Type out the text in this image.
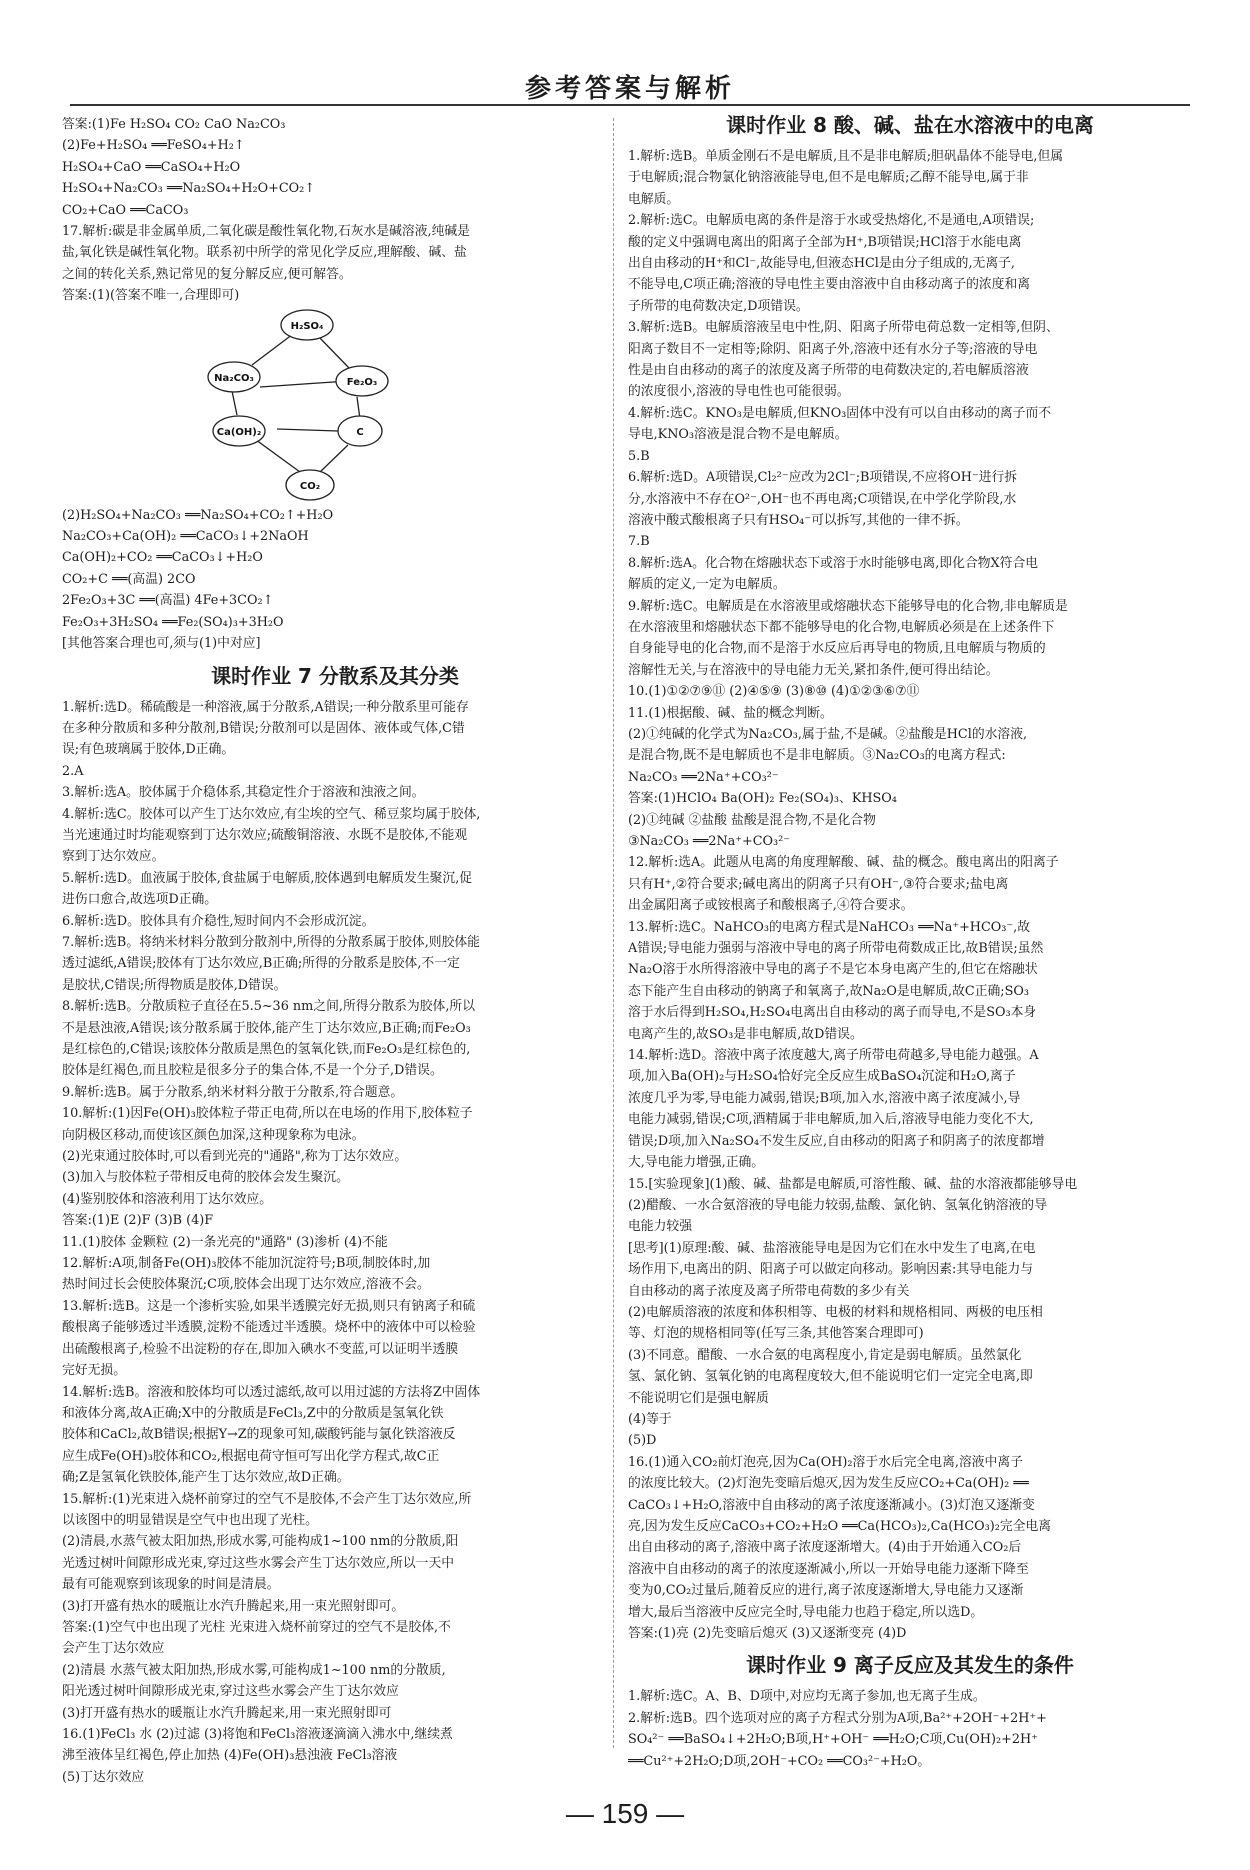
参考答案与解析
答案:(1)Fe H₂SO₄ CO₂ CaO Na₂CO₃
(2)Fe+H₂SO₄ ══FeSO₄+H₂↑
H₂SO₄+CaO ══CaSO₄+H₂O
H₂SO₄+Na₂CO₃ ══Na₂SO₄+H₂O+CO₂↑
CO₂+CaO ══CaCO₃
17.解析:碳是非金属单质,二氧化碳是酸性氧化物,石灰水是碱溶液,纯碱是
盐,氧化铁是碱性氧化物。联系初中所学的常见化学反应,理解酸、碱、盐
之间的转化关系,熟记常见的复分解反应,便可解答。
答案:(1)(答案不唯一,合理即可)
H₂SO₄
Na₂CO₃	Fe₂O₃
Ca(OH)₂	C
CO₂
(2)H₂SO₄+Na₂CO₃ ══Na₂SO₄+CO₂↑+H₂O
Na₂CO₃+Ca(OH)₂ ══CaCO₃↓+2NaOH
Ca(OH)₂+CO₂ ══CaCO₃↓+H₂O
CO₂+C ══(高温) 2CO
2Fe₂O₃+3C ══(高温) 4Fe+3CO₂↑
Fe₂O₃+3H₂SO₄ ══Fe₂(SO₄)₃+3H₂O
[其他答案合理也可,须与(1)中对应]
课时作业 7 分散系及其分类
1.解析:选D。稀硫酸是一种溶液,属于分散系,A错误;一种分散系里可能存
在多种分散质和多种分散剂,B错误;分散剂可以是固体、液体或气体,C错
误;有色玻璃属于胶体,D正确。
2.A
3.解析:选A。胶体属于介稳体系,其稳定性介于溶液和浊液之间。
4.解析:选C。胶体可以产生丁达尔效应,有尘埃的空气、稀豆浆均属于胶体,
当光速通过时均能观察到丁达尔效应;硫酸铜溶液、水既不是胶体,不能观
察到丁达尔效应。
5.解析:选D。血液属于胶体,食盐属于电解质,胶体遇到电解质发生聚沉,促
进伤口愈合,故选项D正确。
6.解析:选D。胶体具有介稳性,短时间内不会形成沉淀。
7.解析:选B。将纳米材料分散到分散剂中,所得的分散系属于胶体,则胶体能
透过滤纸,A错误;胶体有丁达尔效应,B正确;所得的分散系是胶体,不一定
是胶状,C错误;所得物质是胶体,D错误。
8.解析:选B。分散质粒子直径在5.5~36 nm之间,所得分散系为胶体,所以
不是悬浊液,A错误;该分散系属于胶体,能产生丁达尔效应,B正确;而Fe₂O₃
是红棕色的,C错误;该胶体分散质是黑色的氢氧化铁,而Fe₂O₃是红棕色的,
胶体是红褐色,而且胶粒是很多分子的集合体,不是一个分子,D错误。
9.解析:选B。属于分散系,纳米材料分散于分散系,符合题意。
10.解析:(1)因Fe(OH)₃胶体粒子带正电荷,所以在电场的作用下,胶体粒子
向阴极区移动,而使该区颜色加深,这种现象称为电泳。
(2)光束通过胶体时,可以看到光亮的"通路",称为丁达尔效应。
(3)加入与胶体粒子带相反电荷的胶体会发生聚沉。
(4)鉴别胶体和溶液利用丁达尔效应。
答案:(1)E (2)F (3)B (4)F
11.(1)胶体 金颗粒 (2)一条光亮的"通路" (3)渗析 (4)不能
12.解析:A项,制备Fe(OH)₃胶体不能加沉淀符号;B项,制胶体时,加
热时间过长会使胶体聚沉;C项,胶体会出现丁达尔效应,溶液不会。
13.解析:选B。这是一个渗析实验,如果半透膜完好无损,则只有钠离子和硫
酸根离子能够透过半透膜,淀粉不能透过半透膜。烧杯中的液体中可以检验
出硫酸根离子,检验不出淀粉的存在,即加入碘水不变蓝,可以证明半透膜
完好无损。
14.解析:选B。溶液和胶体均可以透过滤纸,故可以用过滤的方法将Z中固体
和液体分离,故A正确;X中的分散质是FeCl₃,Z中的分散质是氢氧化铁
胶体和CaCl₂,故B错误;根据Y→Z的现象可知,碳酸钙能与氯化铁溶液反
应生成Fe(OH)₃胶体和CO₂,根据电荷守恒可写出化学方程式,故C正
确;Z是氢氧化铁胶体,能产生丁达尔效应,故D正确。
15.解析:(1)光束进入烧杯前穿过的空气不是胶体,不会产生丁达尔效应,所
以该图中的明显错误是空气中也出现了光柱。
(2)清晨,水蒸气被太阳加热,形成水雾,可能构成1~100 nm的分散质,阳
光透过树叶间隙形成光束,穿过这些水雾会产生丁达尔效应,所以一天中
最有可能观察到该现象的时间是清晨。
(3)打开盛有热水的暖瓶让水汽升腾起来,用一束光照射即可。
答案:(1)空气中也出现了光柱 光束进入烧杯前穿过的空气不是胶体,不
会产生丁达尔效应
(2)清晨 水蒸气被太阳加热,形成水雾,可能构成1~100 nm的分散质,
阳光透过树叶间隙形成光束,穿过这些水雾会产生丁达尔效应
(3)打开盛有热水的暖瓶让水汽升腾起来,用一束光照射即可
16.(1)FeCl₃ 水 (2)过滤 (3)将饱和FeCl₃溶液逐滴滴入沸水中,继续煮
沸至液体呈红褐色,停止加热 (4)Fe(OH)₃悬浊液 FeCl₃溶液
(5)丁达尔效应
课时作业 8 酸、碱、盐在水溶液中的电离
1.解析:选B。单质金刚石不是电解质,且不是非电解质;胆矾晶体不能导电,但属
于电解质;混合物氯化钠溶液能导电,但不是电解质;乙醇不能导电,属于非
电解质。
2.解析:选C。电解质电离的条件是溶于水或受热熔化,不是通电,A项错误;
酸的定义中强调电离出的阳离子全部为H⁺,B项错误;HCl溶于水能电离
出自由移动的H⁺和Cl⁻,故能导电,但液态HCl是由分子组成的,无离子,
不能导电,C项正确;溶液的导电性主要由溶液中自由移动离子的浓度和离
子所带的电荷数决定,D项错误。
3.解析:选B。电解质溶液呈电中性,阴、阳离子所带电荷总数一定相等,但阴、
阳离子数目不一定相等;除阴、阳离子外,溶液中还有水分子等;溶液的导电
性是由自由移动的离子的浓度及离子所带的电荷数决定的,若电解质溶液
的浓度很小,溶液的导电性也可能很弱。
4.解析:选C。KNO₃是电解质,但KNO₃固体中没有可以自由移动的离子而不
导电,KNO₃溶液是混合物不是电解质。
5.B
6.解析:选D。A项错误,Cl₂²⁻应改为2Cl⁻;B项错误,不应将OH⁻进行拆
分,水溶液中不存在O²⁻,OH⁻也不再电离;C项错误,在中学化学阶段,水
溶液中酸式酸根离子只有HSO₄⁻可以拆写,其他的一律不拆。
7.B
8.解析:选A。化合物在熔融状态下或溶于水时能够电离,即化合物X符合电
解质的定义,一定为电解质。
9.解析:选C。电解质是在水溶液里或熔融状态下能够导电的化合物,非电解质是
在水溶液里和熔融状态下都不能够导电的化合物,电解质必须是在上述条件下
自身能导电的化合物,而不是溶于水反应后再导电的物质,且电解质与物质的
溶解性无关,与在溶液中的导电能力无关,紧扣条件,便可得出结论。
10.(1)①②⑦⑨⑪ (2)④⑤⑨ (3)⑧⑩ (4)①②③⑥⑦⑪
11.(1)根据酸、碱、盐的概念判断。
(2)①纯碱的化学式为Na₂CO₃,属于盐,不是碱。②盐酸是HCl的水溶液,
是混合物,既不是电解质也不是非电解质。③Na₂CO₃的电离方程式:
Na₂CO₃ ══2Na⁺+CO₃²⁻
答案:(1)HClO₄ Ba(OH)₂ Fe₂(SO₄)₃、KHSO₄
(2)①纯碱 ②盐酸 盐酸是混合物,不是化合物
③Na₂CO₃ ══2Na⁺+CO₃²⁻
12.解析:选A。此题从电离的角度理解酸、碱、盐的概念。酸电离出的阳离子
只有H⁺,②符合要求;碱电离出的阴离子只有OH⁻,③符合要求;盐电离
出金属阳离子或铵根离子和酸根离子,④符合要求。
13.解析:选C。NaHCO₃的电离方程式是NaHCO₃ ══Na⁺+HCO₃⁻,故
A错误;导电能力强弱与溶液中导电的离子所带电荷数成正比,故B错误;虽然
Na₂O溶于水所得溶液中导电的离子不是它本身电离产生的,但它在熔融状
态下能产生自由移动的钠离子和氧离子,故Na₂O是电解质,故C正确;SO₃
溶于水后得到H₂SO₄,H₂SO₄电离出自由移动的离子而导电,不是SO₃本身
电离产生的,故SO₃是非电解质,故D错误。
14.解析:选D。溶液中离子浓度越大,离子所带电荷越多,导电能力越强。A
项,加入Ba(OH)₂与H₂SO₄恰好完全反应生成BaSO₄沉淀和H₂O,离子
浓度几乎为零,导电能力减弱,错误;B项,加入水,溶液中离子浓度减小,导
电能力减弱,错误;C项,酒精属于非电解质,加入后,溶液导电能力变化不大,
错误;D项,加入Na₂SO₄不发生反应,自由移动的阳离子和阴离子的浓度都增
大,导电能力增强,正确。
15.[实验现象](1)酸、碱、盐都是电解质,可溶性酸、碱、盐的水溶液都能够导电
(2)醋酸、一水合氨溶液的导电能力较弱,盐酸、氯化钠、氢氧化钠溶液的导
电能力较强
[思考](1)原理:酸、碱、盐溶液能导电是因为它们在水中发生了电离,在电
场作用下,电离出的阴、阳离子可以做定向移动。影响因素:其导电能力与
自由移动的离子浓度及离子所带电荷数的多少有关
(2)电解质溶液的浓度和体积相等、电极的材料和规格相同、两极的电压相
等、灯泡的规格相同等(任写三条,其他答案合理即可)
(3)不同意。醋酸、一水合氨的电离程度小,肯定是弱电解质。虽然氯化
氢、氯化钠、氢氧化钠的电离程度较大,但不能说明它们一定完全电离,即
不能说明它们是强电解质
(4)等于
(5)D
16.(1)通入CO₂前灯泡亮,因为Ca(OH)₂溶于水后完全电离,溶液中离子
的浓度比较大。(2)灯泡先变暗后熄灭,因为发生反应CO₂+Ca(OH)₂ ══
CaCO₃↓+H₂O,溶液中自由移动的离子浓度逐渐减小。(3)灯泡又逐渐变
亮,因为发生反应CaCO₃+CO₂+H₂O ══Ca(HCO₃)₂,Ca(HCO₃)₂完全电离
出自由移动的离子,溶液中离子浓度逐渐增大。(4)由于开始通入CO₂后
溶液中自由移动的离子的浓度逐渐减小,所以一开始导电能力逐渐下降至
变为0,CO₂过量后,随着反应的进行,离子浓度逐渐增大,导电能力又逐渐
增大,最后当溶液中反应完全时,导电能力也趋于稳定,所以选D。
答案:(1)亮 (2)先变暗后熄灭 (3)又逐渐变亮 (4)D
课时作业 9 离子反应及其发生的条件
1.解析:选C。A、B、D项中,对应均无离子参加,也无离子生成。
2.解析:选B。四个选项对应的离子方程式分别为A项,Ba²⁺+2OH⁻+2H⁺+
SO₄²⁻ ══BaSO₄↓+2H₂O;B项,H⁺+OH⁻ ══H₂O;C项,Cu(OH)₂+2H⁺
══Cu²⁺+2H₂O;D项,2OH⁻+CO₂ ══CO₃²⁻+H₂O。
— 159 —
